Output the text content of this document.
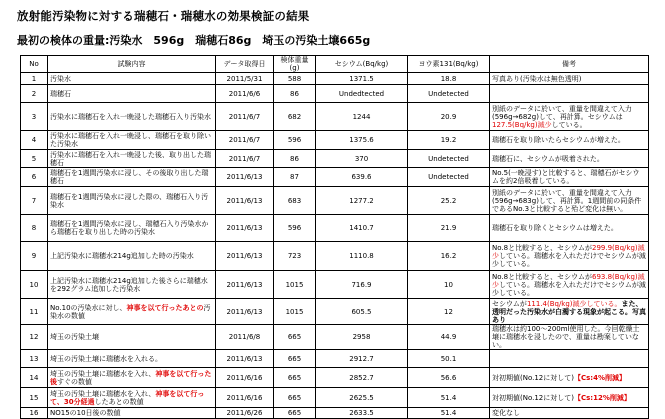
放射能汚染物に対する瑞穂石・瑞穂水の効果検証の結果
最初の検体の重量:汚染水　596g　瑞穂石86g　埼玉の汚染土壌665g
No	試験内容	データ取得日	検体重量(g)	セシウム(Bq/kg)	ヨウ素131(Bq/kg)	備考
1	汚染水	2011/5/31	588	1371.5	18.8	写真あり(汚染水は無色透明)
2	瑞穂石	2011/6/6	86	Undedtected	Undetected	
3	汚染水に瑞穂石を入れ一晩浸した瑞穂石入り汚染水	2011/6/7	682	1244	20.9	別紙のデータに於いて、重量を間違えて入力(596g→682g)して、再計算。セシウムは127.5(Bq/kg)減少している。
4	汚染水に瑞穂石を入れ一晩浸し、瑞穂石を取り除いた汚染水	2011/6/7	596	1375.6	19.2	瑞穂石を取り除いたらセシウムが増えた。
5	汚染水に瑞穂石を入れ一晩浸した後、取り出した瑞穂石	2011/6/7	86	370	Undetected	瑞穂石に、セシウムが吸着された。
6	瑞穂石を1週間汚染水に浸し、その後取り出した瑞穂石	2011/6/13	87	639.6	Undetected	No.5(一晩浸す)と比較すると、瑞穂石がセシウムを約2倍吸着している。
7	瑞穂石を1週間汚染水に浸した際の、瑞穂石入り汚染水	2011/6/13	683	1277.2	25.2	別紙のデータに於いて、重量を間違えて入力(596g→683g)して、再計算。1週間前の同条件であるNo.3と比較すると殆ど変化は無い。
8	瑞穂石を1週間汚染水に浸し、瑞穂石入り汚染水から瑞穂石を取り出した時の汚染水	2011/6/13	596	1410.7	21.9	瑞穂石を取り除くとセシウムは増えた。
9	上記汚染水に瑞穂水214g追加した時の汚染水	2011/6/13	723	1110.8	16.2	No.8と比較すると、セシウムが299.9(Bq/kg)減少している。瑞穂水を入れただけでセシウムが減少している。
10	上記汚染水に瑞穂水214g追加した後さらに瑞穂水を292グラム追加した汚染水	2011/6/13	1015	716.9	10	No.8と比較すると、セシウムが693.8(Bq/kg)減少している。瑞穂水を入れただけでセシウムが減少している。
11	No.10の汚染水に対し、神事を以て行ったあとの汚染水の数値	2011/6/13	1015	605.5	12	セシウムが111.4(Bq/kg)減少している。また、透明だった汚染水が白濁する現象が起こる。写真あり
12	埼玉の汚染土壌	2011/6/8	665	2958	44.9	瑞穂水は約100～200ml使用した。今回乾燥土壌に瑞穂水を浸したので、重量は勘案していない。
13	埼玉の汚染土壌に瑞穂水を入れる。	2011/6/13	665	2912.7	50.1	
14	埼玉の汚染土壌に瑞穂水を入れ、神事を以て行った後すぐの数値	2011/6/16	665	2852.7	56.6	対初期値(No.12に対して)【Cs:4%削減】
15	埼玉の汚染土壌に瑞穂水を入れ、神事を以て行って、30分経過したあとの数値	2011/6/16	665	2625.5	51.4	対初期値(No.12に対して)【Cs:12%削減】
16	NO15の10日後の数値	2011/6/26	665	2633.5	51.4	変化なし
